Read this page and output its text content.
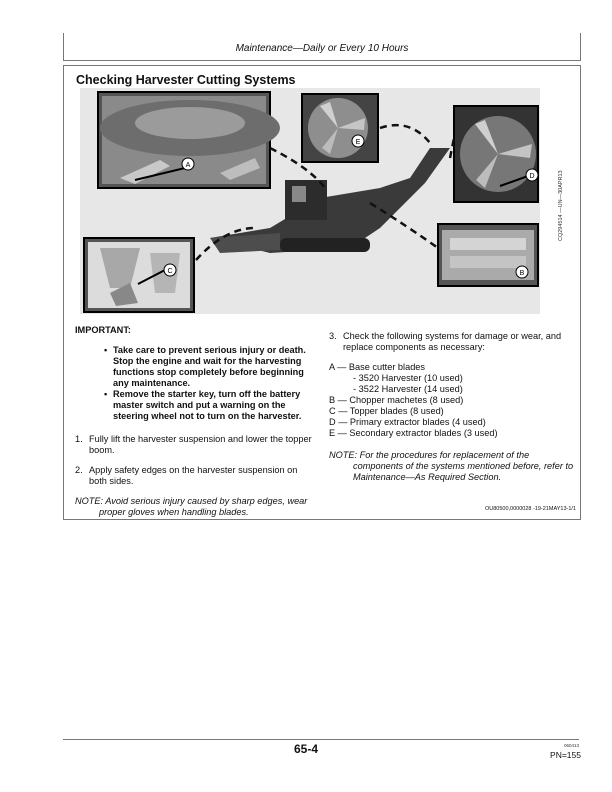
Maintenance—Daily or Every 10 Hours
Checking Harvester Cutting Systems
A
E
D
C	B
CQ294514 —UN—30APR13
IMPORTANT:
• Take care to prevent serious injury or death. Stop the engine and wait for the harvesting functions stop completely before beginning any maintenance.
• Remove the starter key, turn off the battery master switch and put a warning on the steering wheel not to turn on the harvester.
1. Fully lift the harvester suspension and lower the topper boom.
2. Apply safety edges on the harvester suspension on both sides.
NOTE: Avoid serious injury caused by sharp edges, wear proper gloves when handling blades.
3. Check the following systems for damage or wear, and replace components as necessary:
A — Base cutter blades
- 3520 Harvester (10 used)
- 3522 Harvester (14 used)
B — Chopper machetes (8 used)
C — Topper blades (8 used)
D — Primary extractor blades (4 used)
E — Secondary extractor blades (3 used)
NOTE: For the procedures for replacement of the components of the systems mentioned before, refer to Maintenance—As Required Section.
OU80500,0000028 -19-21MAY13-1/1
65-4	060413
PN=155
